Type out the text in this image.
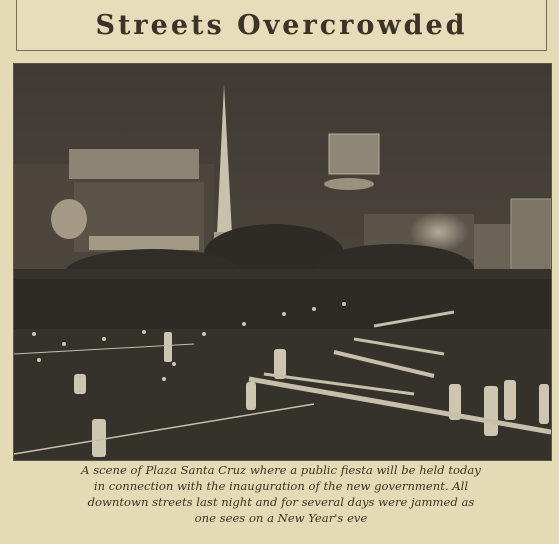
Streets Overcrowded
A scene of Plaza Santa Cruz where a public fiesta will be held today
in connection with the inauguration of the new government. All
downtown streets last night and for several days were jammed as
one sees on a New Year's eve
